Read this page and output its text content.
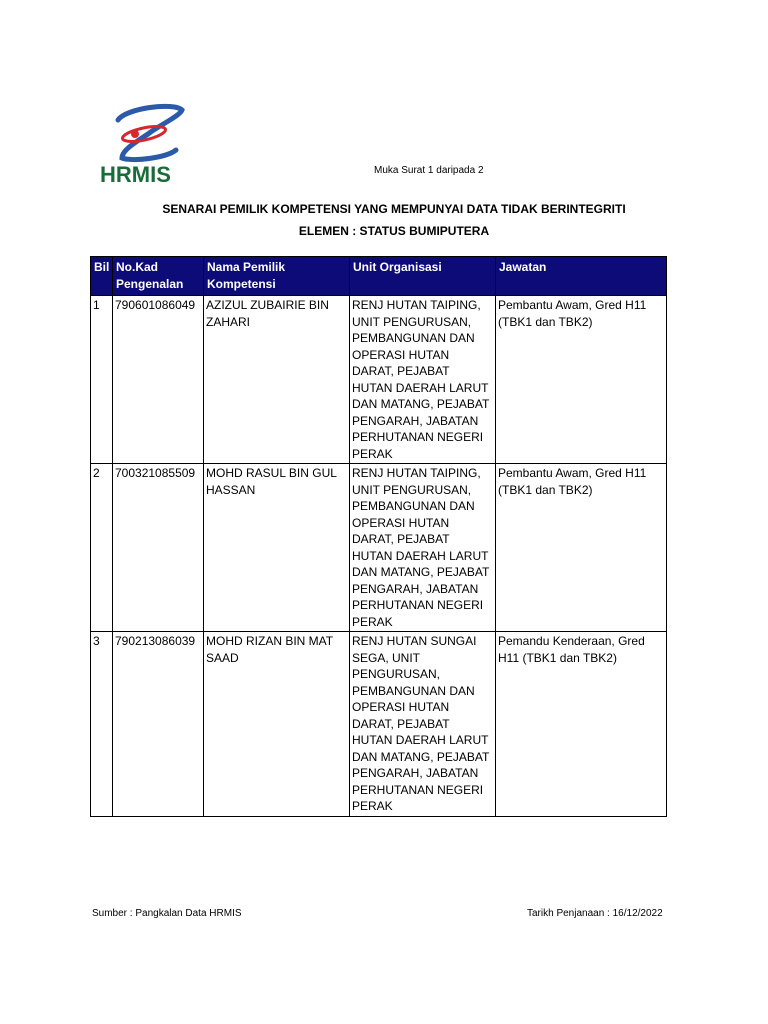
HRMIS	Muka Surat 1 daripada 2
SENARAI PEMILIK KOMPETENSI YANG MEMPUNYAI DATA TIDAK BERINTEGRITI
ELEMEN : STATUS BUMIPUTERA
Bil	No.Kad Pengenalan	Nama Pemilik Kompetensi	Unit Organisasi	Jawatan
1	790601086049	AZIZUL ZUBAIRIE BIN ZAHARI	RENJ HUTAN TAIPING, UNIT PENGURUSAN, PEMBANGUNAN DAN OPERASI HUTAN DARAT, PEJABAT HUTAN DAERAH LARUT DAN MATANG, PEJABAT PENGARAH, JABATAN PERHUTANAN NEGERI PERAK	Pembantu Awam, Gred H11 (TBK1 dan TBK2)
2	700321085509	MOHD RASUL BIN GUL HASSAN	RENJ HUTAN TAIPING, UNIT PENGURUSAN, PEMBANGUNAN DAN OPERASI HUTAN DARAT, PEJABAT HUTAN DAERAH LARUT DAN MATANG, PEJABAT PENGARAH, JABATAN PERHUTANAN NEGERI PERAK	Pembantu Awam, Gred H11 (TBK1 dan TBK2)
3	790213086039	MOHD RIZAN BIN MAT SAAD	RENJ HUTAN SUNGAI SEGA, UNIT PENGURUSAN, PEMBANGUNAN DAN OPERASI HUTAN DARAT, PEJABAT HUTAN DAERAH LARUT DAN MATANG, PEJABAT PENGARAH, JABATAN PERHUTANAN NEGERI PERAK	Pemandu Kenderaan, Gred H11 (TBK1 dan TBK2)
Sumber : Pangkalan Data HRMIS	Tarikh Penjanaan : 16/12/2022
